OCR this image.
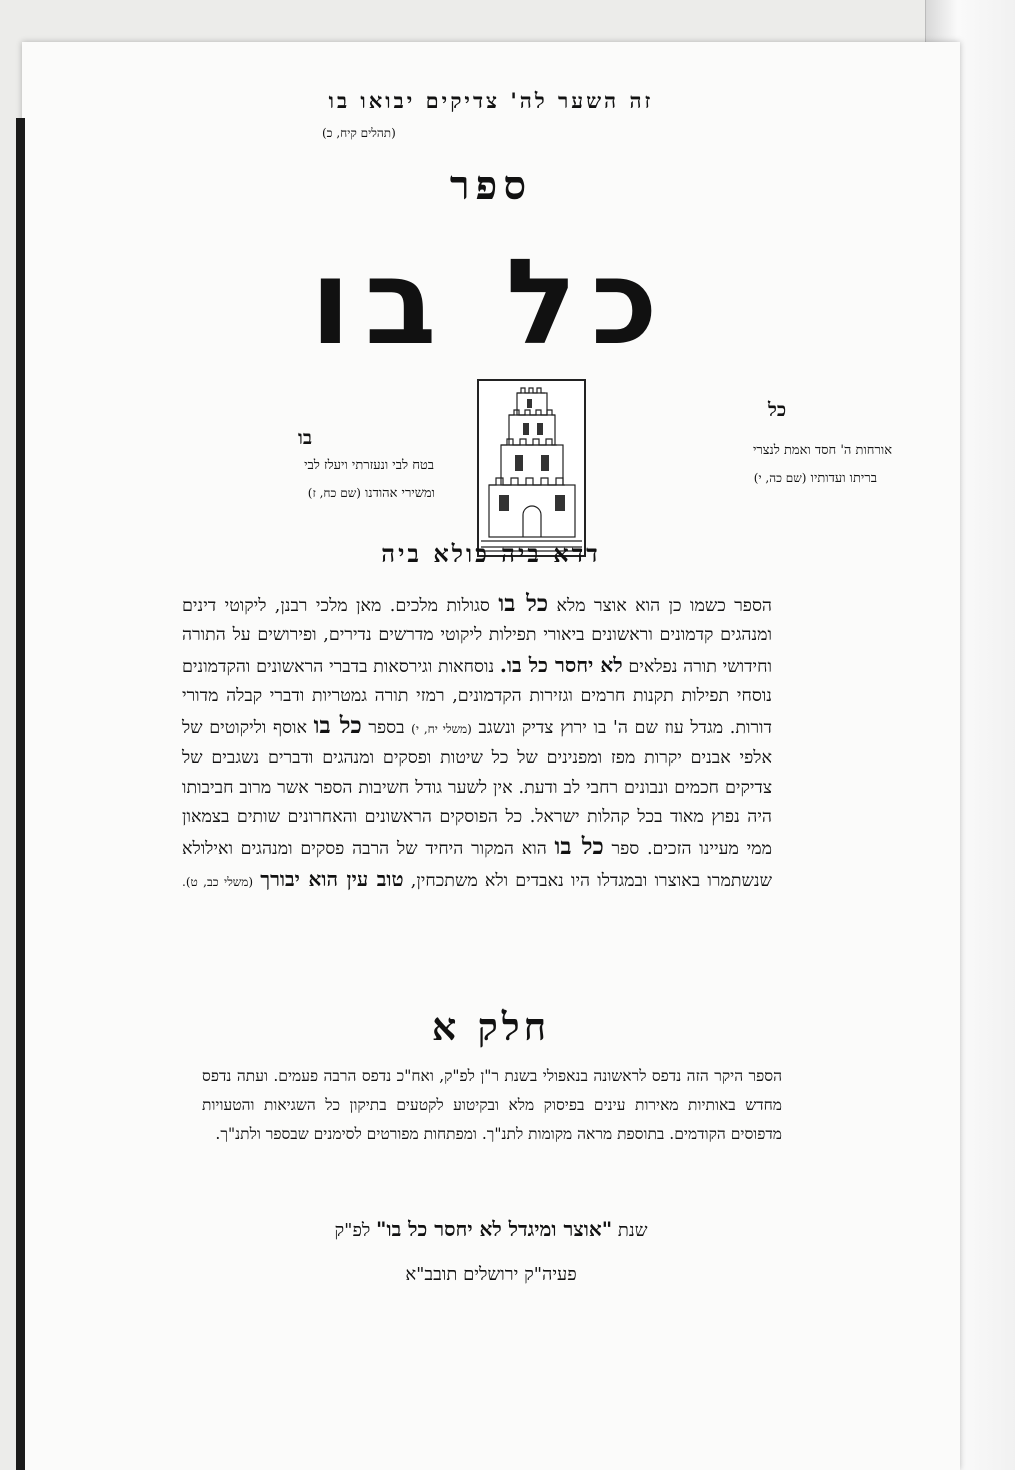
זה השער לה' צדיקים יבואו בו
(תהלים קיח, כ)
ספר
כל בו
בו
בטח לבי ונעזרתי ויעלז לבי
ומשירי אהודנו (שם כח, ז)
כל
אורחות ה' חסד ואמת לנצרי
בריתו ועדותיו (שם כה, י)
דדא ביה כולא ביה
הספר כשמו כן הוא אוצר מלא כל בו סגולות מלכים. מאן מלכי רבנן, ליקוטי דינים ומנהגים קדמונים וראשונים ביאורי תפילות ליקוטי מדרשים נדירים, ופירושים על התורה וחידושי תורה נפלאים לא יחסר כל בו. נוסחאות וגירסאות בדברי הראשונים והקדמונים נוסחי תפילות תקנות חרמים וגזירות הקדמונים, רמזי תורה גמטריות ודברי קבלה מדורי דורות. מגדל עוז שם ה' בו ירוץ צדיק ונשגב (משלי יח, י) בספר כל בו אוסף וליקוטים של אלפי אבנים יקרות מפז ומפנינים של כל שיטות ופסקים ומנהגים ודברים נשגבים של צדיקים חכמים ונבונים רחבי לב ודעת. אין לשער גודל חשיבות הספר אשר מרוב חביבותו היה נפוץ מאוד בכל קהלות ישראל. כל הפוסקים הראשונים והאחרונים שותים בצמאון ממי מעיינו הזכים. ספר כל בו הוא המקור היחיד של הרבה פסקים ומנהגים ואילולא שנשתמרו באוצרו ובמגדלו היו נאבדים ולא משתכחין, טוב עין הוא יבורך (משלי כב, ט).
חלק א
הספר היקר הזה נדפס לראשונה בנאפולי בשנת ר"ן לפ"ק, ואח"כ נדפס הרבה פעמים. ועתה נדפס מחדש באותיות מאירות עינים בפיסוק מלא ובקיטוע לקטעים בתיקון כל השגיאות והטעויות מדפוסים הקודמים. בתוספת מראה מקומות לתנ"ך. ומפתחות מפורטים לסימנים שבספר ולתנ"ך.
שנת "אוצר ומיגדל לא יחסר כל בו" לפ"ק
פעיה"ק ירושלים תובב"א
